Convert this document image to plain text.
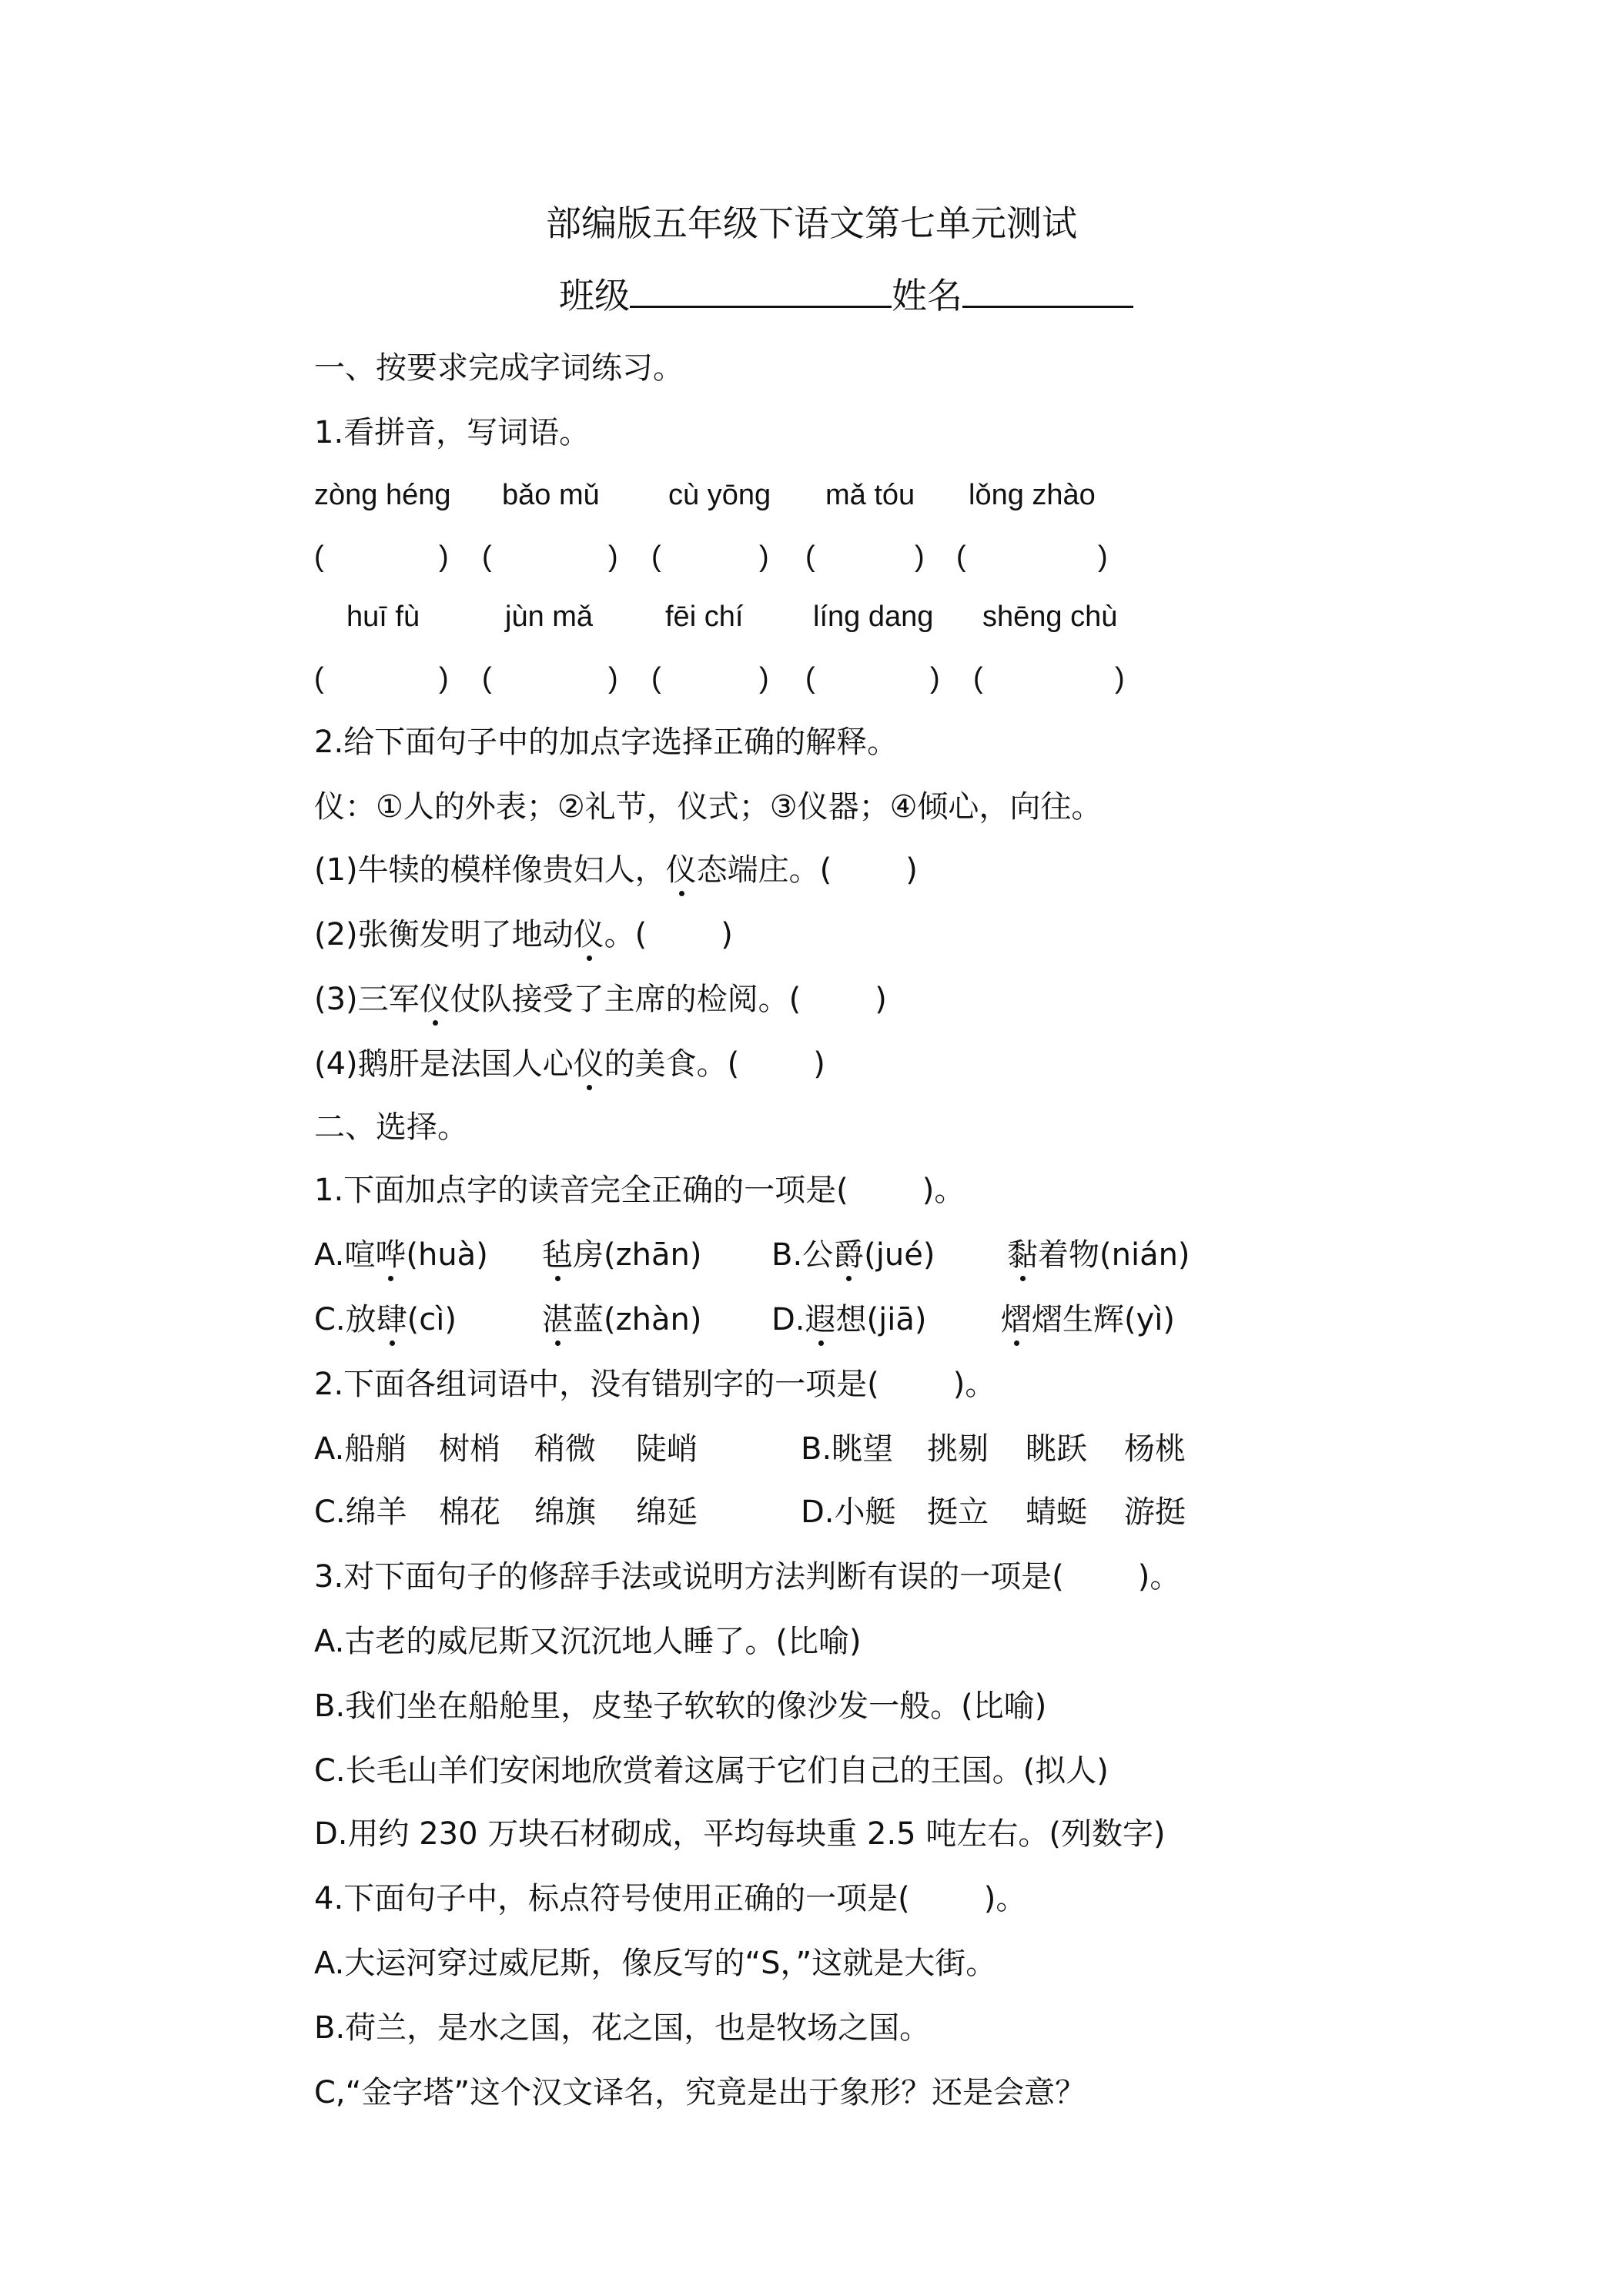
部编版五年级下语文第七单元测试
班级	姓名
一、按要求完成字词练习。
1.看拼音，写词语。
zòng héng bǎo mǔ cù yōng mǎ tóu lǒng zhào
(	) (	) (	) (	) (	)
huī fù	jùn mǎ fēi chí líng dang shēng chù
(	) (	) (	) (	) (	)
2.给下面句子中的加点字选择正确的解释。
仪：①人的外表；②礼节，仪式；③仪器；④倾心，向往。
(1)牛犊的模样像贵妇人，仪态端庄。( )
(2)张衡发明了地动仪。( )
(3)三军仪仗队接受了主席的检阅。( )
(4)鹅肝是法国人心仪的美食。( )
二、选择。
1.下面加点字的读音完全正确的一项是( )。
A.喧哗(huà) 毡房(zhān) B.公爵(jué) 黏着物(nián)
C.放肆(cì)	湛蓝(zhàn) D.遐想(jiā) 熠熠生辉(yì)
2.下面各组词语中，没有错别字的一项是( )。
A.船艄 树梢 稍微 陡峭	B.眺望 挑剔 眺跃 杨桃
C.绵羊 棉花 绵旗 绵延	D.小艇 挺立 蜻蜓 游挺
3.对下面句子的修辞手法或说明方法判断有误的一项是( )。
A.古老的威尼斯又沉沉地人睡了。(比喻)
B.我们坐在船舱里，皮垫子软软的像沙发一般。(比喻)
C.长毛山羊们安闲地欣赏着这属于它们自己的王国。(拟人)
D.用约 230 万块石材砌成，平均每块重 2.5 吨左右。(列数字)
4.下面句子中，标点符号使用正确的一项是( )。
A.大运河穿过威尼斯，像反写的“S，”这就是大街。
B.荷兰，是水之国，花之国，也是牧场之国。
C,“金字塔”这个汉文译名，究竟是出于象形？还是会意？
